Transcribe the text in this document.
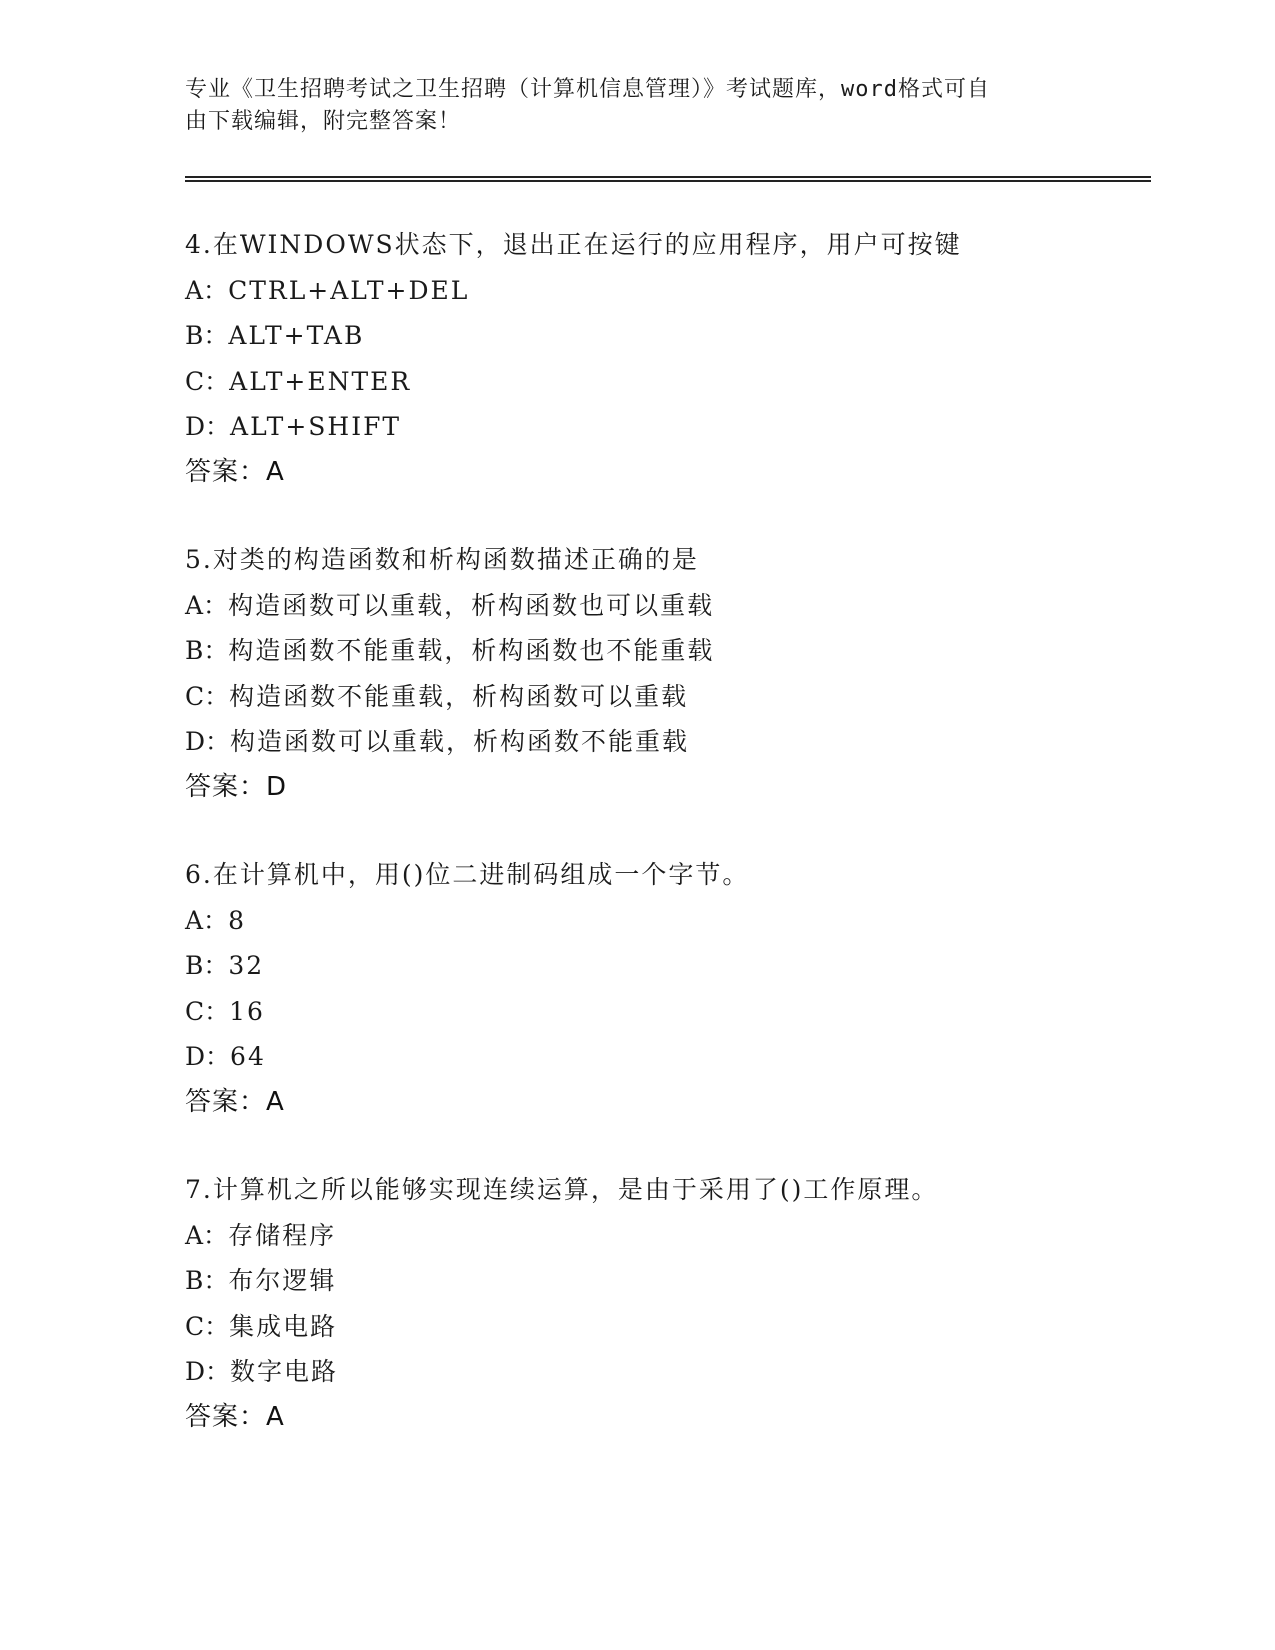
专业《卫生招聘考试之卫生招聘（计算机信息管理）》考试题库，word格式可自
由下载编辑，附完整答案！
4.在WINDOWS状态下，退出正在运行的应用程序，用户可按键
A：CTRL+ALT+DEL
B：ALT+TAB
C：ALT+ENTER
D：ALT+SHIFT
答案：A
5.对类的构造函数和析构函数描述正确的是
A：构造函数可以重载，析构函数也可以重载
B：构造函数不能重载，析构函数也不能重载
C：构造函数不能重载，析构函数可以重载
D：构造函数可以重载，析构函数不能重载
答案：D
6.在计算机中，用()位二进制码组成一个字节。
A：8
B：32
C：16
D：64
答案：A
7.计算机之所以能够实现连续运算，是由于采用了()工作原理。
A：存储程序
B：布尔逻辑
C：集成电路
D：数字电路
答案：A
